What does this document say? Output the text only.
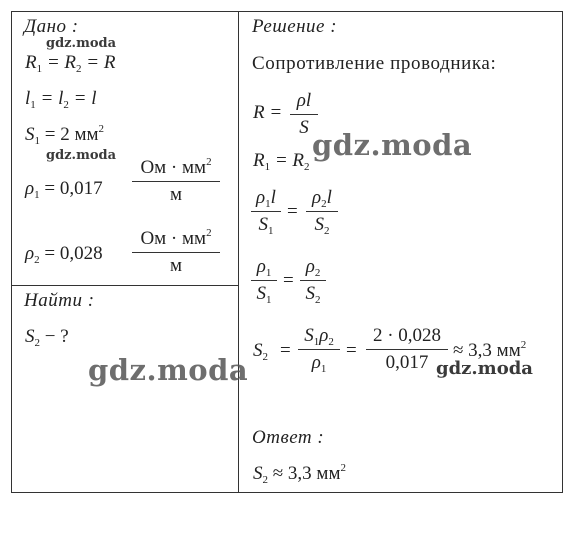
Дано :
$R_1 = R_2 = R$
$l_1 = l_2 = l$
$S_1 = 2$ $мм^2$
$\rho_1 = 0,017$
Ом · $мм^2$
м
$\rho_2 = 0,028$
Ом · $мм^2$
м
Найти :
$S_2$ − ?
Решение :
Сопротивление проводника:
R =
ρl
S
$R_1 = R_2$
$\rho_1l$
$S_1$
=
$\rho_2l$
$S_2$
$\rho_1$
$S_1$
=
$\rho_2$
$S_2$
$S_2$ =
$S_1\rho_2$
$\rho_1$
=
2 · 0,028
0,017
≈ 3,3 $мм^2$
Ответ :
$S_2 \approx 3,3$ $мм^2$
gdz.moda
gdz.moda	gdz.moda
gdz.moda	gdz.moda
